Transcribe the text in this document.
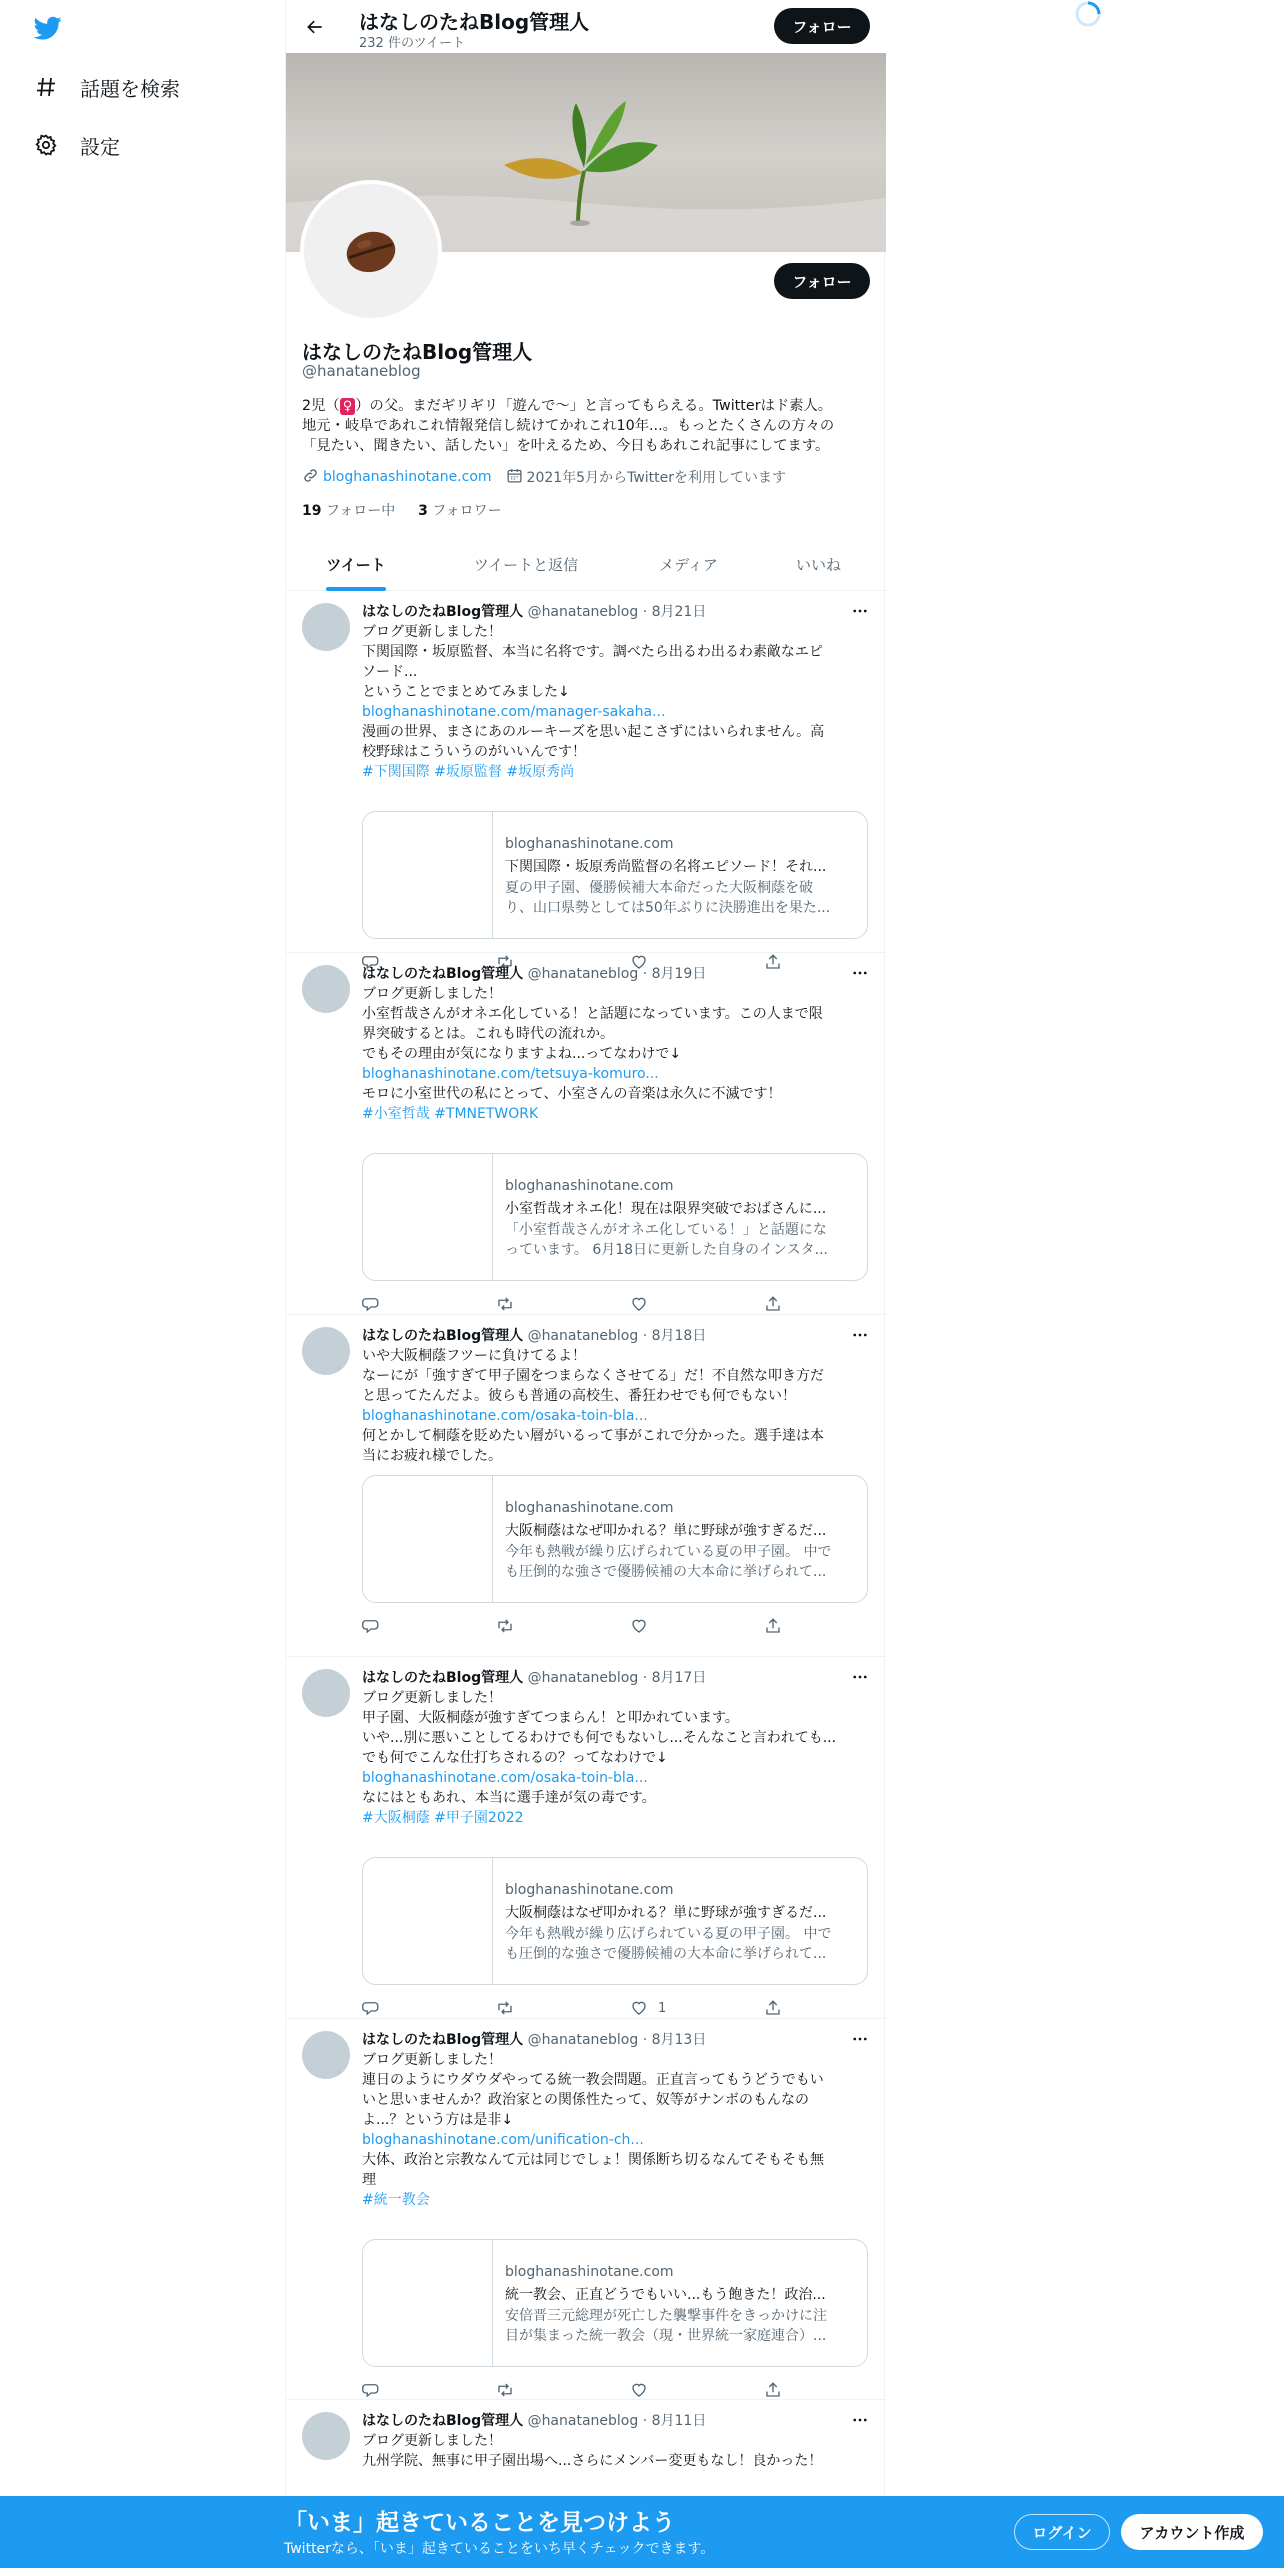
話題を検索
設定
はなしのたねBlog管理人
232 件のツイート
フォロー
フォロー
はなしのたねBlog管理人
@hanataneblog
2児（ ♀ ）の父。まだギリギリ「遊んで〜」と言ってもらえる。Twitterはド素人。
地元・岐阜であれこれ情報発信し続けてかれこれ10年...。もっとたくさんの方々の
「見たい、聞きたい、話したい」を叶えるため、今日もあれこれ記事にしてます。
bloghanashinotane.com	2021年5月からTwitterを利用しています
19 フォロー中 3 フォロワー
ツイート	ツイートと返信	メディア	いいね
はなしのたねBlog管理人 @hanataneblog · 8月21日
ブログ更新しました！
下関国際・坂原監督、本当に名将です。調べたら出るわ出るわ素敵なエピ
ソード...
ということでまとめてみました↓
bloghanashinotane.com/manager-sakaha...
漫画の世界、まさにあのルーキーズを思い起こさずにはいられません。高
校野球はこういうのがいいんです！
#下関国際 #坂原監督 #坂原秀尚
bloghanashinotane.com
下関国際・坂原秀尚監督の名将エピソード！それ...
夏の甲子園、優勝候補大本命だった大阪桐蔭を破
り、山口県勢としては50年ぶりに決勝進出を果た...
はなしのたねBlog管理人 @hanataneblog · 8月19日
ブログ更新しました！
小室哲哉さんがオネエ化している！と話題になっています。この人まで限
界突破するとは。これも時代の流れか。
でもその理由が気になりますよね...ってなわけで↓
bloghanashinotane.com/tetsuya-komuro...
モロに小室世代の私にとって、小室さんの音楽は永久に不滅です！
#小室哲哉 #TMNETWORK
bloghanashinotane.com
小室哲哉オネエ化！現在は限界突破でおばさんに...
「小室哲哉さんがオネエ化している！」と話題にな
っています。 6月18日に更新した自身のインスタ...
はなしのたねBlog管理人 @hanataneblog · 8月18日
いや大阪桐蔭フツーに負けてるよ！
なーにが「強すぎて甲子園をつまらなくさせてる」だ！不自然な叩き方だ
と思ってたんだよ。彼らも普通の高校生、番狂わせでも何でもない！
bloghanashinotane.com/osaka-toin-bla...
何とかして桐蔭を貶めたい層がいるって事がこれで分かった。選手達は本
当にお疲れ様でした。
bloghanashinotane.com
大阪桐蔭はなぜ叩かれる？単に野球が強すぎるだ...
今年も熱戦が繰り広げられている夏の甲子園。 中で
も圧倒的な強さで優勝候補の大本命に挙げられて...
はなしのたねBlog管理人 @hanataneblog · 8月17日
ブログ更新しました！
甲子園、大阪桐蔭が強すぎてつまらん！と叩かれています。
いや...別に悪いことしてるわけでも何でもないし...そんなこと言われても...
でも何でこんな仕打ちされるの？ってなわけで↓
bloghanashinotane.com/osaka-toin-bla...
なにはともあれ、本当に選手達が気の毒です。
#大阪桐蔭 #甲子園2022
bloghanashinotane.com
大阪桐蔭はなぜ叩かれる？単に野球が強すぎるだ...
今年も熱戦が繰り広げられている夏の甲子園。 中で
も圧倒的な強さで優勝候補の大本命に挙げられて...
1
はなしのたねBlog管理人 @hanataneblog · 8月13日
ブログ更新しました！
連日のようにウダウダやってる統一教会問題。正直言ってもうどうでもい
いと思いませんか？政治家との関係性たって、奴等がナンボのもんなの
よ...？という方は是非↓
bloghanashinotane.com/unification-ch...
大体、政治と宗教なんて元は同じでしょ！関係断ち切るなんてそもそも無
理
#統一教会
bloghanashinotane.com
統一教会、正直どうでもいい...もう飽きた！政治...
安倍晋三元総理が死亡した襲撃事件をきっかけに注
目が集まった統一教会（現・世界統一家庭連合）...
はなしのたねBlog管理人 @hanataneblog · 8月11日
ブログ更新しました！
九州学院、無事に甲子園出場へ...さらにメンバー変更もなし！良かった！
「いま」起きていることを見つけよう
Twitterなら、「いま」起きていることをいち早くチェックできます。
ログイン	アカウント作成
